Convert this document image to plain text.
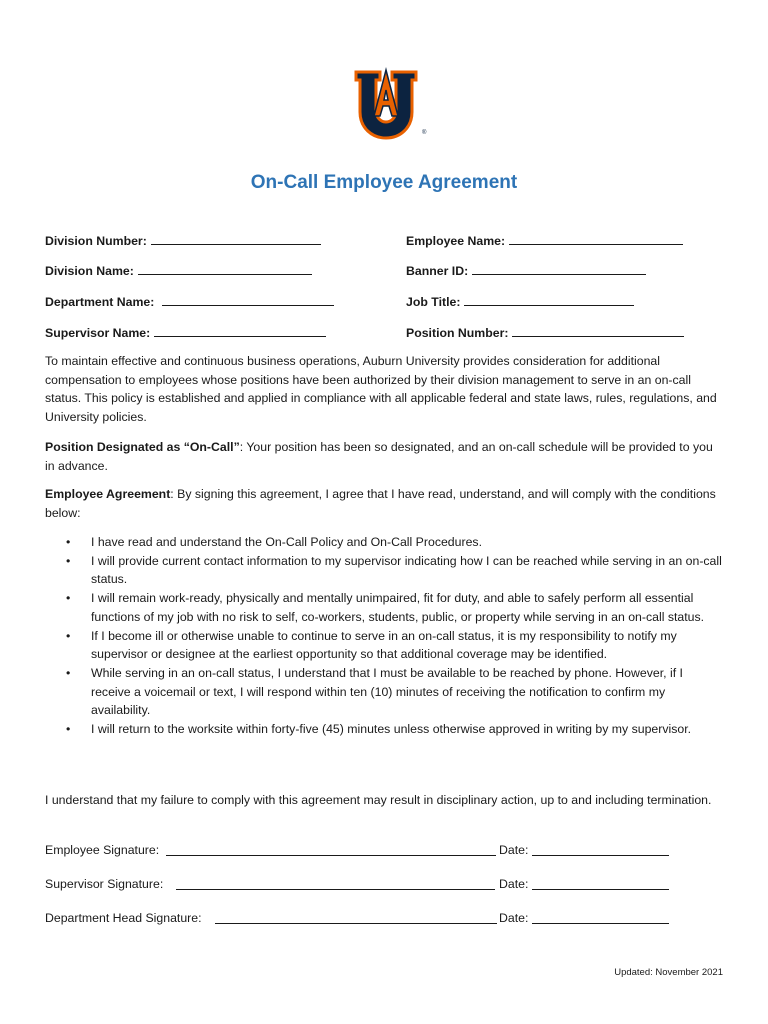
®
On-Call Employee Agreement
Division Number:	Employee Name:
Division Name:	Banner ID:
Department Name:	Job Title:
Supervisor Name:	Position Number:

To maintain effective and continuous business operations, Auburn University provides consideration for additional compensation to employees whose positions have been authorized by their division management to serve in an on-call status. This policy is established and applied in compliance with all applicable federal and state laws, rules, regulations, and University policies.

Position Designated as “On-Call”: Your position has been so designated, and an on-call schedule will be provided to you in advance.

Employee Agreement: By signing this agreement, I agree that I have read, understand, and will comply with the conditions below:

• I have read and understand the On-Call Policy and On-Call Procedures.
• I will provide current contact information to my supervisor indicating how I can be reached while serving in an on-call status.
• I will remain work-ready, physically and mentally unimpaired, fit for duty, and able to safely perform all essential functions of my job with no risk to self, co-workers, students, public, or property while serving in an on-call status.
• If I become ill or otherwise unable to continue to serve in an on-call status, it is my responsibility to notify my supervisor or designee at the earliest opportunity so that additional coverage may be identified.
• While serving in an on-call status, I understand that I must be available to be reached by phone. However, if I receive a voicemail or text, I will respond within ten (10) minutes of receiving the notification to confirm my availability.
• I will return to the worksite within forty-five (45) minutes unless otherwise approved in writing by my supervisor.

I understand that my failure to comply with this agreement may result in disciplinary action, up to and including termination.

Employee Signature:	Date:
Supervisor Signature:	Date:
Department Head Signature:	Date:
Updated: November 2021
